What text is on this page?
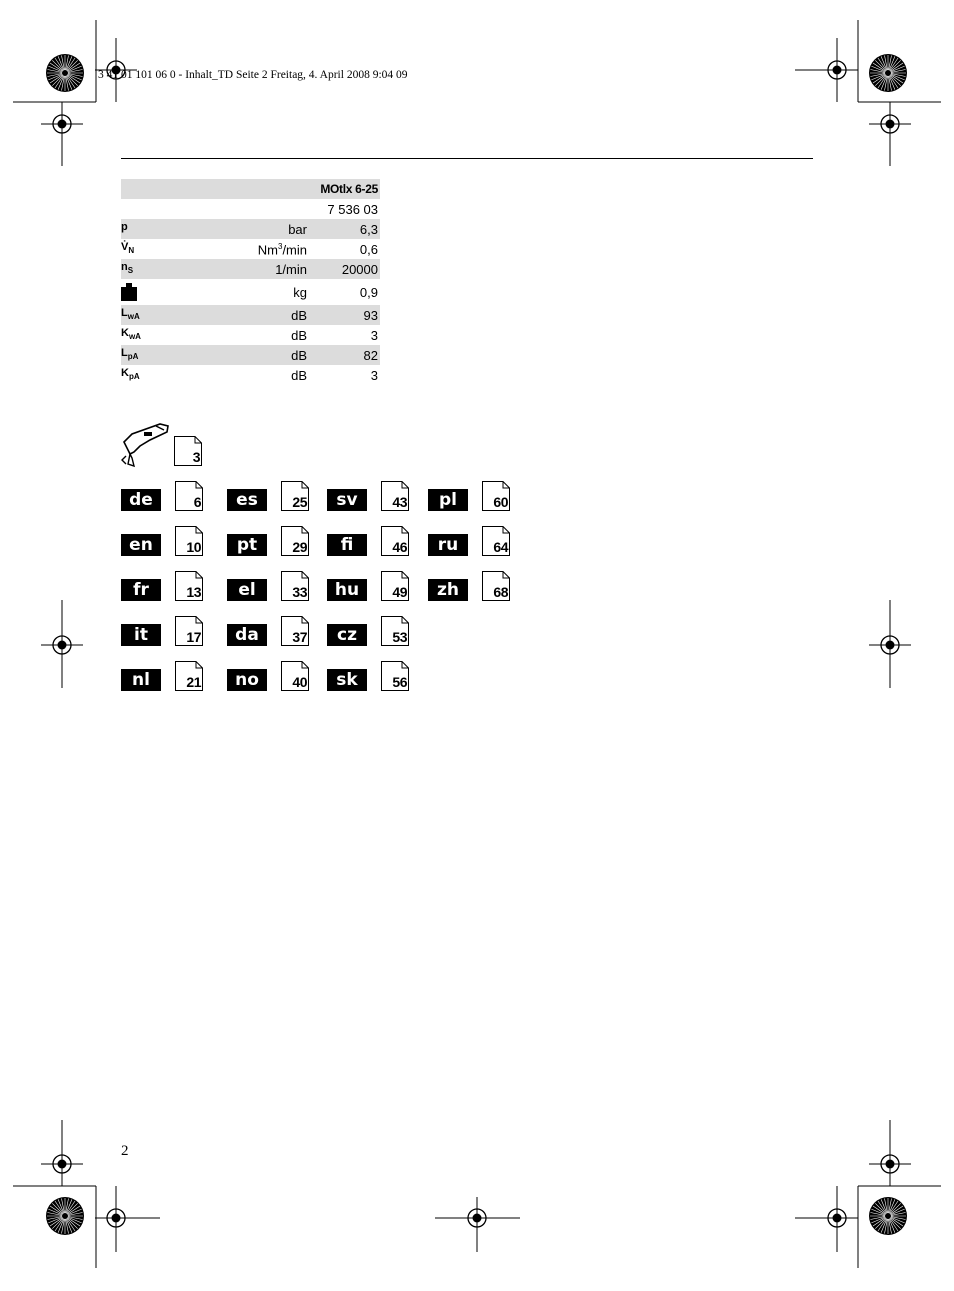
3 41 01 101 06 0 - Inhalt_TD Seite 2 Freitag, 4. April 2008 9:04 09
MOtlx 6-25
7 536 03
p	bar	6,3
$V̇_N$	Nm$^3$/min	0,6
$n_S$	1/min	20000
kg	0,9
$L_{wA}$	dB	93
$K_{wA}$	dB	3
$L_{pA}$	dB	82
$K_{pA}$	dB	3
3
de	6
en	10
fr	13
it	17
nl	21
es	25
pt	29
el	33
da	37
no	40
sv	43
fi	46
hu	49
cz	53
sk	56
pl	60
ru	64
zh	68
2
